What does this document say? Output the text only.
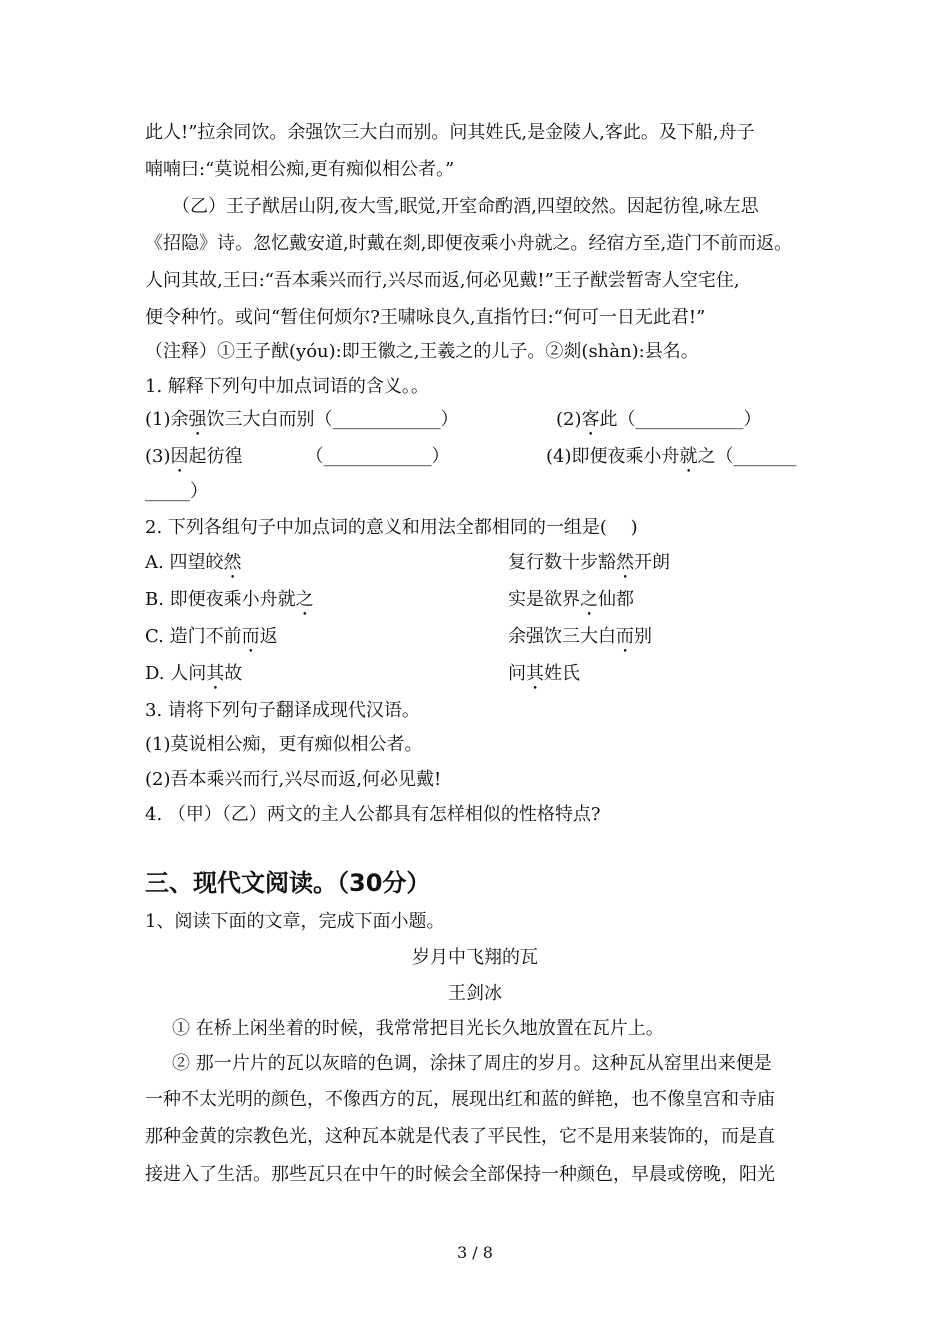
此人!”拉余同饮。余强饮三大白而别。问其姓氏,是金陵人,客此。及下船,舟子
喃喃曰:“莫说相公痴,更有痴似相公者。”
（乙）王子猷居山阴,夜大雪,眠觉,开室命酌酒,四望皎然。因起彷徨,咏左思
《招隐》诗。忽忆戴安道,时戴在剡,即便夜乘小舟就之。经宿方至,造门不前而返。
人问其故,王曰:“吾本乘兴而行,兴尽而返,何必见戴!”王子猷尝暂寄人空宅住,
便令种竹。或问“暂住何烦尔?王啸咏良久,直指竹曰:“何可一日无此君!”
（注释）①王子猷(yóu):即王徽之,王羲之的儿子。②剡(shàn):县名。
1. 解释下列句中加点词语的含义。。
(1)余强饮三大白而别（____________）	(2)客此（____________）
(3)因起彷徨　　　　（____________）	(4)即便夜乘小舟就之（_______
_____）
2. 下列各组句子中加点词的意义和用法全都相同的一组是(　 )
A. 四望皎然	复行数十步豁然开朗
B. 即便夜乘小舟就之	实是欲界之仙都
C. 造门不前而返	余强饮三大白而别
D. 人问其故	问其姓氏
3. 请将下列句子翻译成现代汉语。
(1)莫说相公痴，更有痴似相公者。
(2)吾本乘兴而行,兴尽而返,何必见戴!
4. （甲）（乙）两文的主人公都具有怎样相似的性格特点?
三、现代文阅读。（30分）
1、阅读下面的文章，完成下面小题。
岁月中飞翔的瓦
王剑冰
① 在桥上闲坐着的时候，我常常把目光长久地放置在瓦片上。
② 那一片片的瓦以灰暗的色调，涂抹了周庄的岁月。这种瓦从窑里出来便是
一种不太光明的颜色，不像西方的瓦，展现出红和蓝的鲜艳，也不像皇宫和寺庙
那种金黄的宗教色光，这种瓦本就是代表了平民性，它不是用来装饰的，而是直
接进入了生活。那些瓦只在中午的时候会全部保持一种颜色，早晨或傍晚，阳光
3 / 8
